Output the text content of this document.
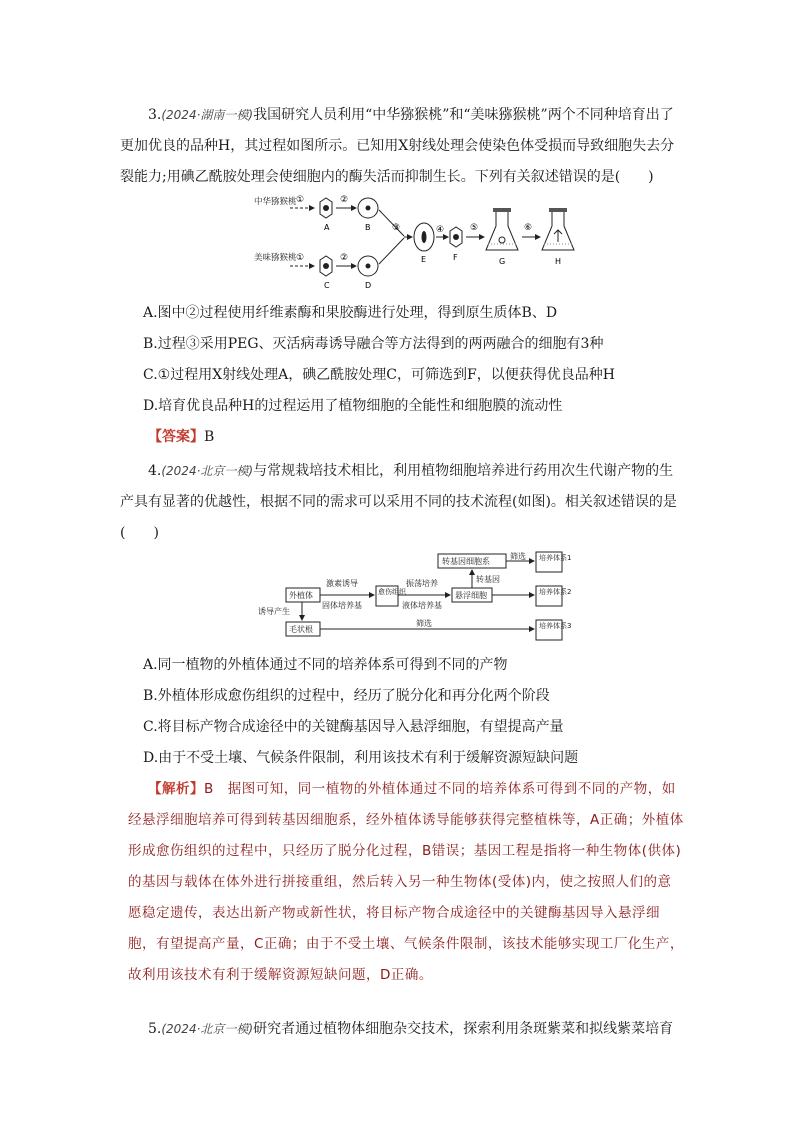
3.(2024·湖南一模)我国研究人员利用“中华猕猴桃”和“美味猕猴桃”两个不同种培育出了更加优良的品种H，其过程如图所示。已知用X射线处理会使染色体受损而导致细胞失去分裂能力;用碘乙酰胺处理会使细胞内的酶失活而抑制生长。下列有关叙述错误的是(　　)

中华猕猴桃
美味猕猴桃
①
A
②
B
①
C
②
D
③
E
④
F
⑤
G
⑥
H

A.图中②过程使用纤维素酶和果胶酶进行处理，得到原生质体B、D

B.过程③采用PEG、灭活病毒诱导融合等方法得到的两两融合的细胞有3种

C.①过程用X射线处理A，碘乙酰胺处理C，可筛选到F，以便获得优良品种H

D.培育优良品种H的过程运用了植物细胞的全能性和细胞膜的流动性

【答案】B

4.(2024·北京一模)与常规栽培技术相比，利用植物细胞培养进行药用次生代谢产物的生产具有显著的优越性，根据不同的需求可以采用不同的技术流程(如图)。相关叙述错误的是(　　)

转基因细胞系
筛选 培养体系1
外植体
激素诱导
固体培养基
愈伤组织
振荡培养
液体培养基
悬浮细胞
转基因
培养体系2
诱导产生
毛状根
筛选	培养体系3

A.同一植物的外植体通过不同的培养体系可得到不同的产物

B.外植体形成愈伤组织的过程中，经历了脱分化和再分化两个阶段

C.将目标产物合成途径中的关键酶基因导入悬浮细胞，有望提高产量

D.由于不受土壤、气候条件限制，利用该技术有利于缓解资源短缺问题

【解析】B　据图可知，同一植物的外植体通过不同的培养体系可得到不同的产物，如经悬浮细胞培养可得到转基因细胞系，经外植体诱导能够获得完整植株等，A正确；外植体形成愈伤组织的过程中，只经历了脱分化过程，B错误；基因工程是指将一种生物体(供体)的基因与载体在体外进行拼接重组，然后转入另一种生物体(受体)内，使之按照人们的意愿稳定遗传，表达出新产物或新性状，将目标产物合成途径中的关键酶基因导入悬浮细胞，有望提高产量，C正确；由于不受土壤、气候条件限制，该技术能够实现工厂化生产，故利用该技术有利于缓解资源短缺问题，D正确。

5.(2024·北京一模)研究者通过植物体细胞杂交技术，探索利用条斑紫菜和拟线紫菜培育
